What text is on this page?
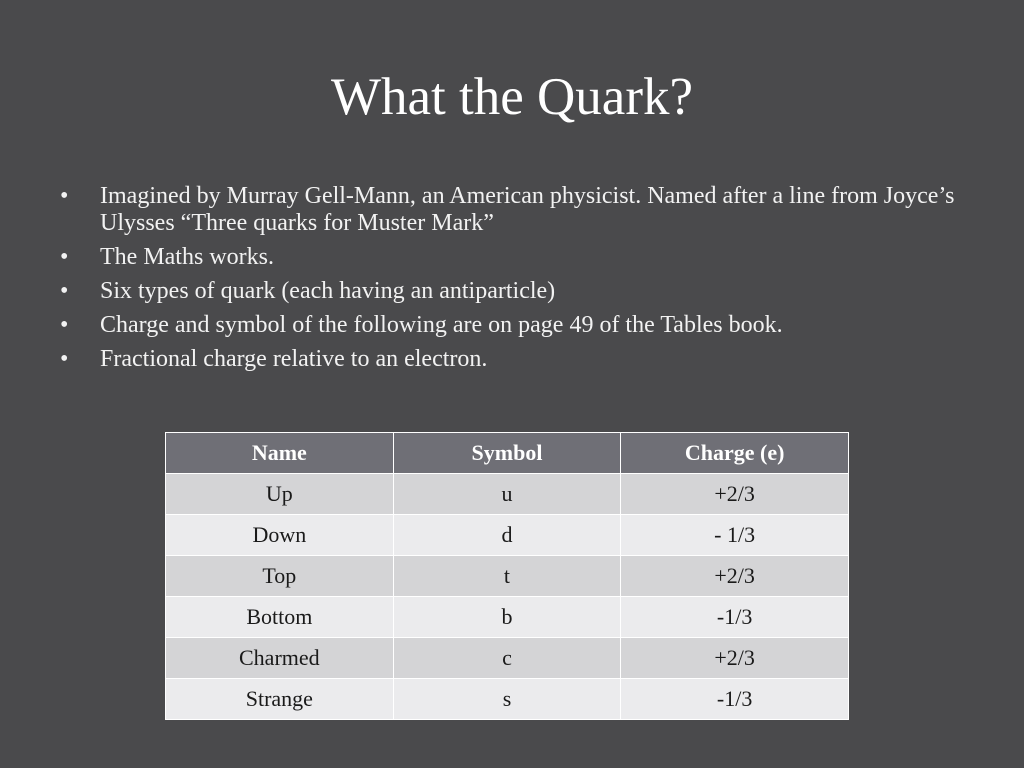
What the Quark?
• Imagined by Murray Gell-Mann, an American physicist. Named after a line from Joyce’s Ulysses “Three quarks for Muster Mark”
• The Maths works.
• Six types of quark (each having an antiparticle)
• Charge and symbol of the following are on page 49 of the Tables book.
• Fractional charge relative to an electron.
Name	Symbol	Charge (e)
Up	u	+2/3
Down	d	- 1/3
Top	t	+2/3
Bottom	b	-1/3
Charmed	c	+2/3
Strange	s	-1/3
